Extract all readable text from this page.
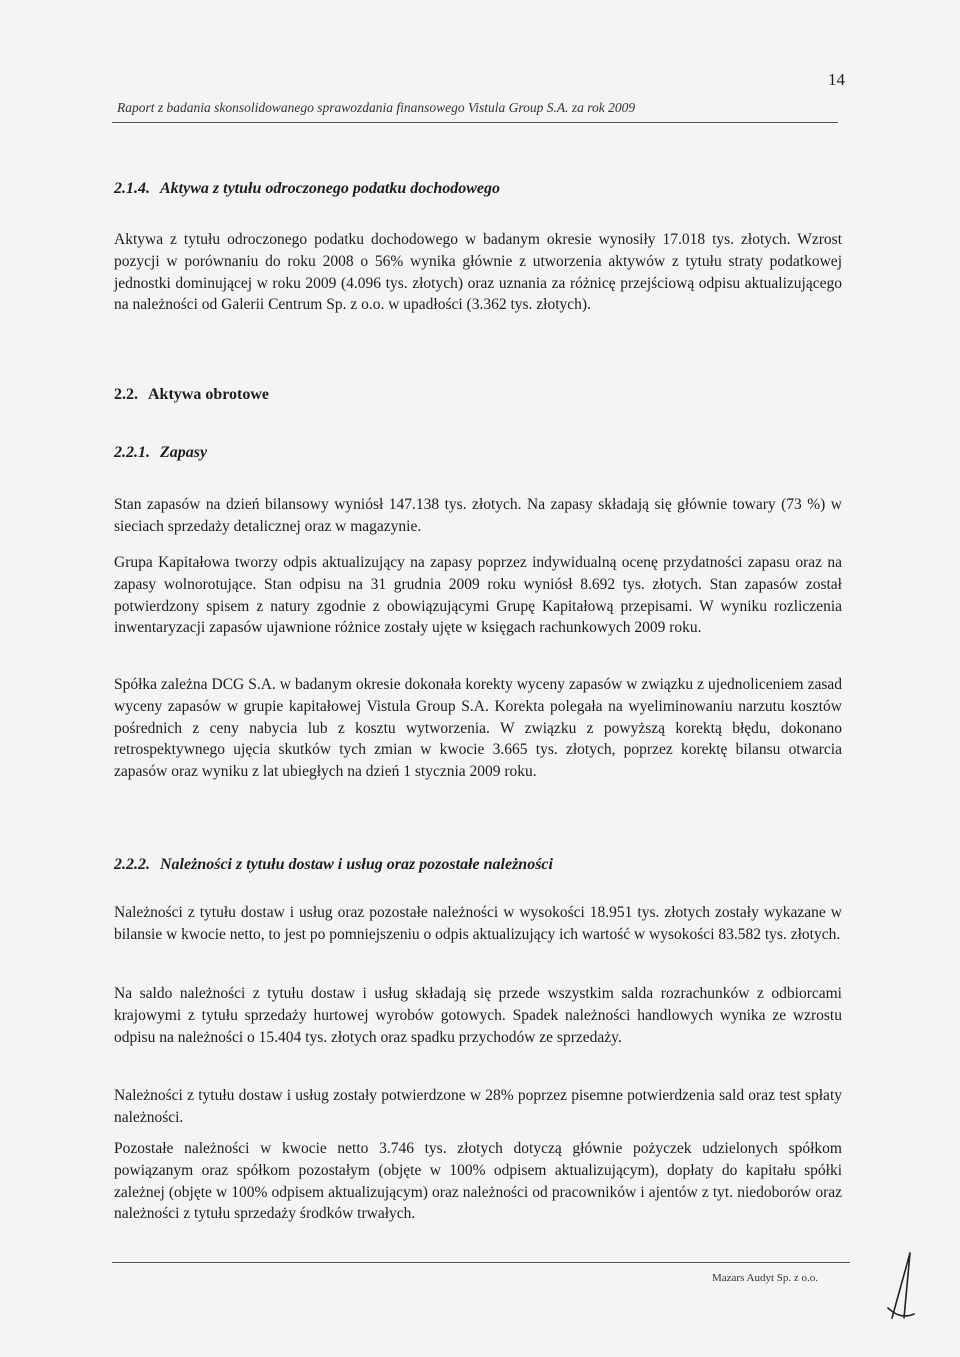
14
Raport z badania skonsolidowanego sprawozdania finansowego Vistula Group S.A. za rok 2009
2.1.4. Aktywa z tytułu odroczonego podatku dochodowego

Aktywa z tytułu odroczonego podatku dochodowego w badanym okresie wynosiły 17.018 tys. złotych. Wzrost pozycji w porównaniu do roku 2008 o 56% wynika głównie z utworzenia aktywów z tytułu straty podatkowej jednostki dominującej w roku 2009 (4.096 tys. złotych) oraz uznania za różnicę przejściową odpisu aktualizującego na należności od Galerii Centrum Sp. z o.o. w upadłości (3.362 tys. złotych).

2.2. Aktywa obrotowe
2.2.1. Zapasy

Stan zapasów na dzień bilansowy wyniósł 147.138 tys. złotych. Na zapasy składają się głównie towary (73 %) w sieciach sprzedaży detalicznej oraz w magazynie.

Grupa Kapitałowa tworzy odpis aktualizujący na zapasy poprzez indywidualną ocenę przydatności zapasu oraz na zapasy wolnorotujące. Stan odpisu na 31 grudnia 2009 roku wyniósł 8.692 tys. złotych. Stan zapasów został potwierdzony spisem z natury zgodnie z obowiązującymi Grupę Kapitałową przepisami. W wyniku rozliczenia inwentaryzacji zapasów ujawnione różnice zostały ujęte w księgach rachunkowych 2009 roku.

Spółka zależna DCG S.A. w badanym okresie dokonała korekty wyceny zapasów w związku z ujednoliceniem zasad wyceny zapasów w grupie kapitałowej Vistula Group S.A. Korekta polegała na wyeliminowaniu narzutu kosztów pośrednich z ceny nabycia lub z kosztu wytworzenia. W związku z powyższą korektą błędu, dokonano retrospektywnego ujęcia skutków tych zmian w kwocie 3.665 tys. złotych, poprzez korektę bilansu otwarcia zapasów oraz wyniku z lat ubiegłych na dzień 1 stycznia 2009 roku.

2.2.2. Należności z tytułu dostaw i usług oraz pozostałe należności

Należności z tytułu dostaw i usług oraz pozostałe należności w wysokości 18.951 tys. złotych zostały wykazane w bilansie w kwocie netto, to jest po pomniejszeniu o odpis aktualizujący ich wartość w wysokości 83.582 tys. złotych.

Na saldo należności z tytułu dostaw i usług składają się przede wszystkim salda rozrachunków z odbiorcami krajowymi z tytułu sprzedaży hurtowej wyrobów gotowych. Spadek należności handlowych wynika ze wzrostu odpisu na należności o 15.404 tys. złotych oraz spadku przychodów ze sprzedaży.

Należności z tytułu dostaw i usług zostały potwierdzone w 28% poprzez pisemne potwierdzenia sald oraz test spłaty należności.

Pozostałe należności w kwocie netto 3.746 tys. złotych dotyczą głównie pożyczek udzielonych spółkom powiązanym oraz spółkom pozostałym (objęte w 100% odpisem aktualizującym), dopłaty do kapitału spółki zależnej (objęte w 100% odpisem aktualizującym) oraz należności od pracowników i ajentów z tyt. niedoborów oraz należności z tytułu sprzedaży środków trwałych.

Mazars Audyt Sp. z o.o.
